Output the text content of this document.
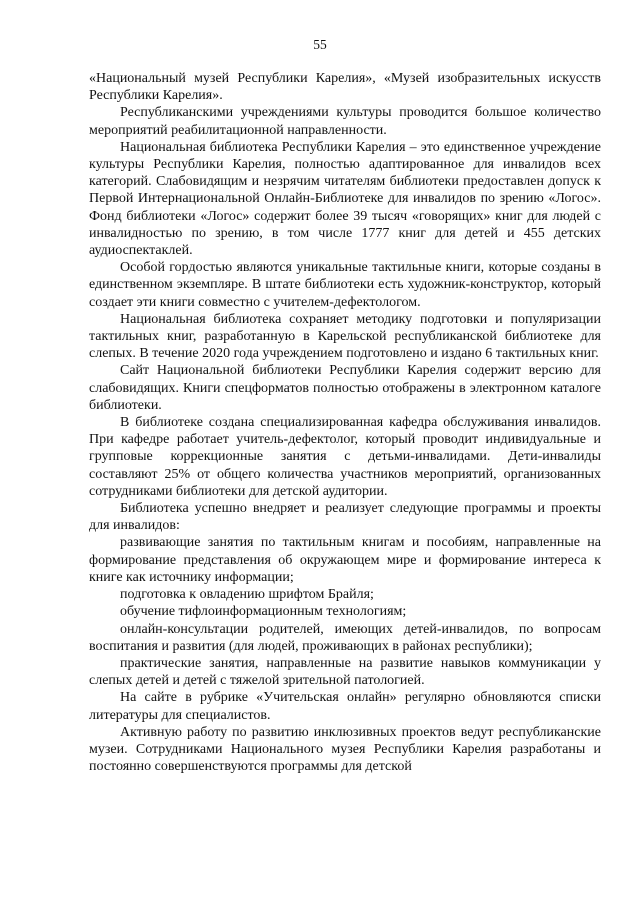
55

«Национальный музей Республики Карелия», «Музей изобразительных искусств Республики Карелия».

Республиканскими учреждениями культуры проводится большое количество мероприятий реабилитационной направленности.

Национальная библиотека Республики Карелия – это единственное учреждение культуры Республики Карелия, полностью адаптированное для инвалидов всех категорий. Слабовидящим и незрячим читателям библиотеки предоставлен допуск к Первой Интернациональной Онлайн-Библиотеке для инвалидов по зрению «Логос». Фонд библиотеки «Логос» содержит более 39 тысяч «говорящих» книг для людей с инвалидностью по зрению, в том числе 1777 книг для детей и 455 детских аудиоспектаклей.

Особой гордостью являются уникальные тактильные книги, которые созданы в единственном экземпляре. В штате библиотеки есть художник-конструктор, который создает эти книги совместно с учителем-дефектологом.

Национальная библиотека сохраняет методику подготовки и популяризации тактильных книг, разработанную в Карельской республиканской библиотеке для слепых. В течение 2020 года учреждением подготовлено и издано 6 тактильных книг.

Сайт Национальной библиотеки Республики Карелия содержит версию для слабовидящих. Книги спецформатов полностью отображены в электронном каталоге библиотеки.

В библиотеке создана специализированная кафедра обслуживания инвалидов. При кафедре работает учитель-дефектолог, который проводит индивидуальные и групповые коррекционные занятия с детьми-инвалидами. Дети-инвалиды составляют 25% от общего количества участников мероприятий, организованных сотрудниками библиотеки для детской аудитории.

Библиотека успешно внедряет и реализует следующие программы и проекты для инвалидов:

развивающие занятия по тактильным книгам и пособиям, направленные на формирование представления об окружающем мире и формирование интереса к книге как источнику информации;

подготовка к овладению шрифтом Брайля;

обучение тифлоинформационным технологиям;

онлайн-консультации родителей, имеющих детей-инвалидов, по вопросам воспитания и развития (для людей, проживающих в районах республики);

практические занятия, направленные на развитие навыков коммуникации у слепых детей и детей с тяжелой зрительной патологией.

На сайте в рубрике «Учительская онлайн» регулярно обновляются списки литературы для специалистов.

Активную работу по развитию инклюзивных проектов ведут республиканские музеи. Сотрудниками Национального музея Республики Карелия разработаны и постоянно совершенствуются программы для детской
